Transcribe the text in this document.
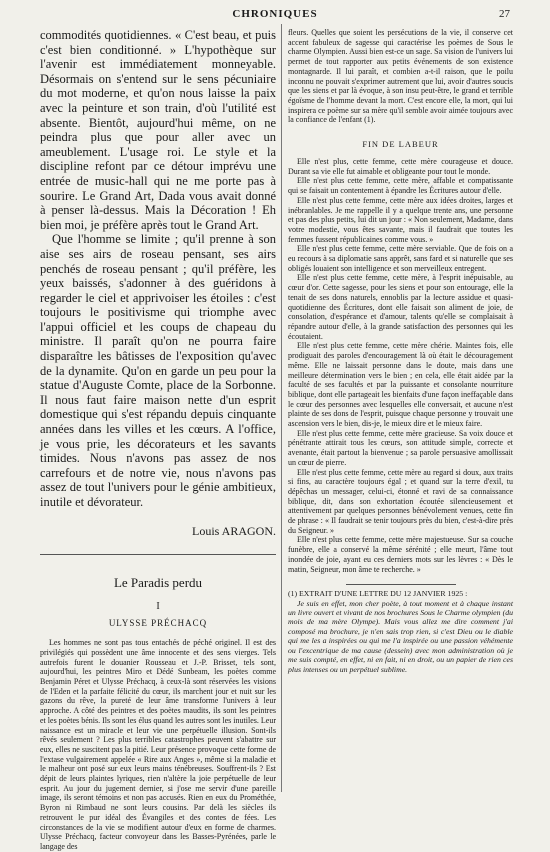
CHRONIQUES	27

commodités quotidiennes. « C'est beau, et puis c'est bien conditionné. » L'hypothèque sur l'avenir est immédiatement monneyable. Désormais on s'entend sur le sens pécuniaire du mot moderne, et qu'on nous laisse la paix avec la peinture et son train, d'où l'utilité est absente. Bientôt, aujourd'hui même, on ne peindra plus que pour aller avec un ameublement. L'usage roi. Le style et la discipline refont par ce détour imprévu une entrée de music-hall qui ne me porte pas à sourire. Le Grand Art, Dada vous avait donné à penser là-dessus. Mais la Décoration ! Eh bien moi, je préfère après tout le Grand Art.

Que l'homme se limite ; qu'il prenne à son aise ses airs de roseau pensant, ses airs penchés de roseau pensant ; qu'il préfère, les yeux baissés, s'adonner à des guéridons à regarder le ciel et apprivoiser les étoiles : c'est toujours le positivisme qui triomphe avec l'appui officiel et les coups de chapeau du ministre. Il paraît qu'on ne pourra faire disparaître les bâtisses de l'exposition qu'avec de la dynamite. Qu'on en garde un peu pour la statue d'Auguste Comte, place de la Sorbonne. Il nous faut faire maison nette d'un esprit domestique qui s'est répandu depuis cinquante années dans les villes et les cœurs. A l'office, je vous prie, les décorateurs et les savants timides. Nous n'avons pas assez de nos carrefours et de notre vie, nous n'avons pas assez de tout l'univers pour le génie ambitieux, inutile et dévorateur.

Louis ARAGON.

Le Paradis perdu
I
ULYSSE PRÉCHACQ

Les hommes ne sont pas tous entachés de péché originel. Il est des privilégiés qui possèdent une âme innocente et des sens vierges. Tels autrefois furent le douanier Rousseau et J.-P. Brisset, tels sont, aujourd'hui, les peintres Miro et Dédé Sunbeam, les poètes comme Benjamin Péret et Ulysse Préchacq, à ceux-là sont réservées les visions de l'Eden et la parfaite félicité du cœur, ils marchent jour et nuit sur les gazons du rêve, la pureté de leur âme transforme l'univers à leur approche. A côté des peintres et des poètes maudits, ils sont les peintres et les poètes bénis. Ils sont les élus quand les autres sont les inutiles. Leur naissance est un miracle et leur vie une perpétuelle illusion. Sont-ils rêvés seulement ? Les plus terribles catastrophes peuvent s'abattre sur eux, elles ne suscitent pas la pitié. Leur présence provoque cette forme de l'extase vulgairement appelée « Rire aux Anges », même si la maladie et le malheur ont posé sur eux leurs mains ténébreuses. Souffrent-ils ? Est dépit de leurs plaintes lyriques, rien n'altère la joie perpétuelle de leur esprit. Au jour du jugement dernier, si j'ose me servir d'une pareille image, ils seront témoins et non pas accusés. Rien en eux du Prométhée, Byron ni Rimbaud ne sont leurs cousins. Par delà les siècles ils retrouvent le pur idéal des Évangiles et des contes de fées. Les circonstances de la vie se modifient autour d'eux en forme de charmes. Ulysse Préchacq, facteur convoyeur dans les Basses-Pyrénées, parle le langage des

fleurs. Quelles que soient les persécutions de la vie, il conserve cet accent fabuleux de sagesse qui caractérise les poèmes de Sous le charme Olympien. Aussi bien est-ce un sage. Sa vision de l'univers lui permet de tout rapporter aux petits événements de son existence montagnarde. Il lui paraît, et combien a-t-il raison, que le poilu inconnu ne pouvait s'exprimer autrement que lui, avoir d'autres soucis que les siens et par là évoque, à son insu peut-être, le grand et terrible égoïsme de l'homme devant la mort. C'est encore elle, la mort, qui lui inspirera ce poème sur sa mère qu'il semble avoir aimée toujours avec la confiance de l'enfant (1).

FIN DE LABEUR

Elle n'est plus, cette femme, cette mère courageuse et douce. Durant sa vie elle fut aimable et obligeante pour tout le monde.

Elle n'est plus cette femme, cette mère, affable et compatissante qui se faisait un contentement à épandre les Écritures autour d'elle.

Elle n'est plus cette femme, cette mère aux idées droites, larges et inébranlables. Je me rappelle il y a quelque trente ans, une personne et pas des plus petits, lui dit un jour : « Non seulement, Madame, dans votre modestie, vous êtes savante, mais il faudrait que toutes les femmes fussent républicaines comme vous. »

Elle n'est plus cette femme, cette mère serviable. Que de fois on a eu recours à sa diplomatie sans apprêt, sans fard et si naturelle que ses obligés louaient son intelligence et son merveilleux entregent.

Elle n'est plus cette femme, cette mère, à l'esprit inépuisable, au cœur d'or. Cette sagesse, pour les siens et pour son entourage, elle la tenait de ses dons naturels, ennoblis par la lecture assidue et quasi-quotidienne des Écritures, dont elle faisait son aliment de joie, de consolation, d'espérance et d'amour, talents qu'elle se complaisait à répandre autour d'elle, à la grande satisfaction des personnes qui les écoutaient.

Elle n'est plus cette femme, cette mère chérie. Maintes fois, elle prodiguait des paroles d'encouragement là où était le découragement même. Elle ne laissait personne dans le doute, mais dans une meilleure détermination vers le bien ; en cela, elle était aidée par la faculté de ses facultés et par la puissante et consolante nourriture biblique, dont elle partageait les bienfaits d'une façon ineffaçable dans le cœur des personnes avec lesquelles elle conversait, et aucune n'est plainte de ses dons de l'esprit, puisque chaque personne y trouvait une ascension vers le bien, dis-je, le mieux dire et le mieux faire.

Elle n'est plus cette femme, cette mère gracieuse. Sa voix douce et pénétrante attirait tous les cœurs, son attitude simple, correcte et avenante, était partout la bienvenue ; sa parole persuasive amollissait un cœur de pierre.

Elle n'est plus cette femme, cette mère au regard si doux, aux traits si fins, au caractère toujours égal ; et quand sur la terre d'exil, tu dépêchas un messager, celui-ci, étonné et ravi de sa connaissance biblique, dit, dans son exhortation écoutée silencieusement et attentivement par quelques personnes bénévolement venues, cette fin de phrase : « Il faudrait se tenir toujours près du bien, c'est-à-dire près du Seigneur. »

Elle n'est plus cette femme, cette mère majestueuse. Sur sa couche funèbre, elle a conservé la même sérénité ; elle meurt, l'âme tout inondée de joie, ayant eu ces derniers mots sur les lèvres : « Dès le matin, Seigneur, mon âme te recherche. »

(1) EXTRAIT D'UNE LETTRE DU 12 JANVIER 1925 :

Je suis en effet, mon cher poète, à tout moment et à chaque instant un livre ouvert et vivant de nos brochures Sous le Charme olympien (du mois de ma mère Olympe). Mais vous allez me dire comment j'ai composé ma brochure, je n'en sais trop rien, si c'est Dieu ou le diable qui me les a inspirées ou qui me l'a inspirée ou une passion véhémente ou l'excentrique de ma cause (dessein) avec mon administration où je me suis compté, en effet, ni en fait, ni en droit, ou un papier de rien ces plus intenses ou un perpétuel sublime.
